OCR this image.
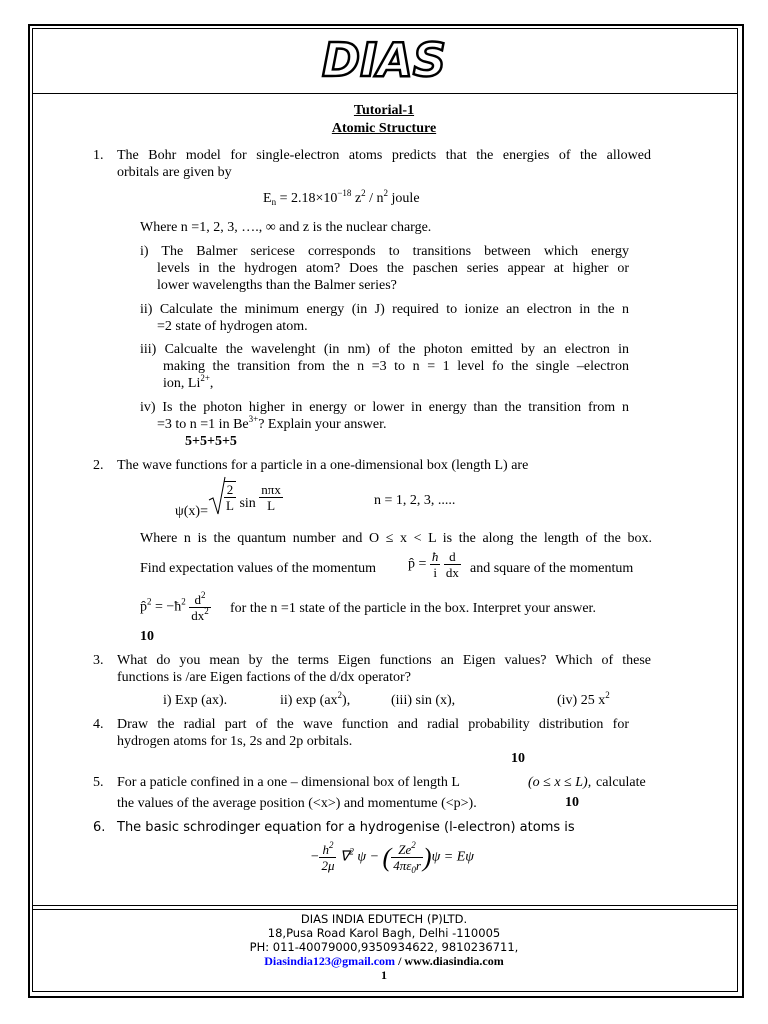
DIAS
Tutorial-1
Atomic Structure
1. The Bohr model for single-electron atoms predicts that the energies of the allowed
orbitals are given by
$E_n = 2.18\times 10^{-18}$ $z^2 / n^2$ joule
Where n =1, 2, 3, …., ∞ and z is the nuclear charge.
i) The Balmer sericese corresponds to transitions between which energy
levels in the hydrogen atom? Does the paschen series appear at higher or
lower wavelengths than the Balmer series?
ii) Calculate the minimum energy (in J) required to ionize an electron in the n
=2 state of hydrogen atom.
iii) Calcualte the wavelenght (in nm) of the photon emitted by an electron in
making the transition from the n =3 to n = 1 level fo the single –electron
ion, $Li^{2+}$,
iv) Is the photon higher in energy or lower in energy than the transition from n
=3 to n =1 in $Be^{3+}$? Explain your answer.
5+5+5+5
2. The wave functions for a particle in a one-dimensional box (length L) are
$\psi(x)= \frac{2}{L}$ $\sin \frac{\text{nπx}}{L}$	n = 1, 2, 3, .....
Where n is the quantum number and O ≤ x < L is the along the length of the box.
Find expectation values of the momentum p̂ = $\frac{ħ}{i}$
$\frac{d}{dx}$ and square of the momentum
p̂$^2$ = $-ħ^2 \frac{d^2}{dx^2}$ for the n =1 state of the particle in the box. Interpret your answer.
10
3. What do you mean by the terms Eigen functions an Eigen values? Which of these
functions is /are Eigen factions of the d/dx operator?
i) Exp (ax).	ii) $\exp (ax^2)$,	(iii) sin (x),	(iv) 25 $x^2$
4. Draw the radial part of the wave function and radial probability distribution for
hydrogen atoms for 1s, 2s and 2p orbitals.
10
5. For a paticle confined in a one – dimensional box of length L	(o ≤ x ≤ L), calculate
the values of the average position (<x>) and momentume (<p>).	10
6. The basic schrodinger equation for a hydrogenise (l-electron) atoms is
− $\frac{h^2}{2\mu} \nabla^2$ ψ − ( $\frac{Ze^2}{4\pi\varepsilon_0r} )\psi = E\psi$
DIAS INDIA EDUTECH (P)LTD.
18,Pusa Road Karol Bagh, Delhi -110005
PH: 011-40079000,9350934622, 9810236711,
Diasindia123@gmail.com / www.diasindia.com
1
